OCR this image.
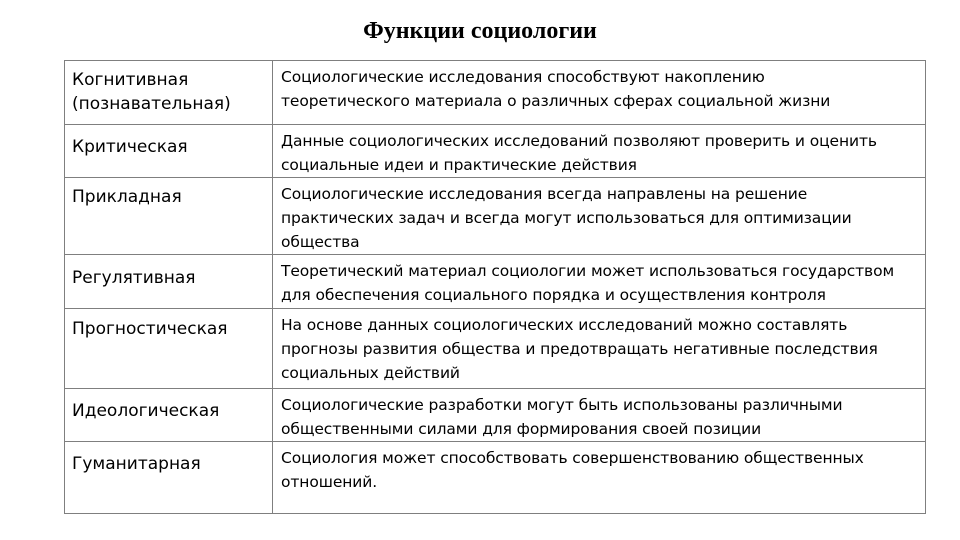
Функции социологии
Когнитивная
(познавательная)	Социологические исследования способствуют накоплению
теоретического материала о различных сферах социальной жизни

Критическая	Данные социологических исследований позволяют проверить и оценить
социальные идеи и практические действия

Прикладная	Социологические исследования всегда направлены на решение
практических задач и всегда могут использоваться для оптимизации
общества

Регулятивная	Теоретический материал социологии может использоваться государством
для обеспечения социального порядка и осуществления контроля

Прогностическая	На основе данных социологических исследований можно составлять
прогнозы развития общества и предотвращать негативные последствия
социальных действий

Идеологическая	Социологические разработки могут быть использованы различными
общественными силами для формирования своей позиции

Гуманитарная	Социология может способствовать совершенствованию общественных
отношений.
